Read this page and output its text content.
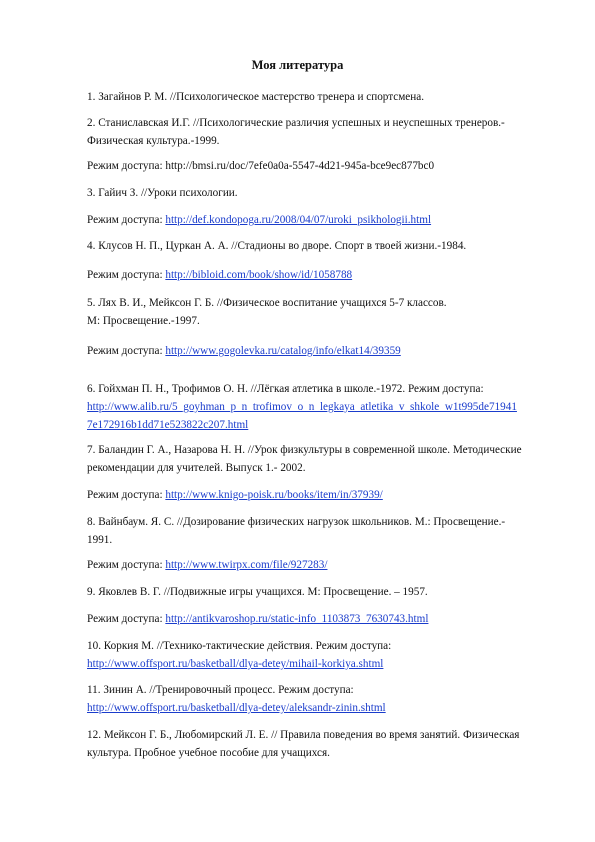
Моя литература
1. Загайнов Р. М. //Психологическое мастерство тренера и спортсмена.
2. Станиславская И.Г. //Психологические различия успешных и неуспешных тренеров.-
Физическая культура.-1999.
Режим доступа: http://bmsi.ru/doc/7efe0a0a-5547-4d21-945a-bce9ec877bc0
3. Гайич З. //Уроки психологии.
Режим доступа: http://def.kondopoga.ru/2008/04/07/uroki_psikhologii.html
4. Клусов Н. П., Цуркан А. А. //Стадионы во дворе. Спорт в твоей жизни.-1984.
Режим доступа: http://bibloid.com/book/show/id/1058788
5. Лях В. И., Мейксон Г. Б. //Физическое воспитание учащихся 5-7 классов.
М: Просвещение.-1997.
Режим доступа: http://www.gogolevka.ru/catalog/info/elkat14/39359
6. Гойхман П. Н., Трофимов О. Н. //Лёгкая атлетика в школе.-1972. Режим доступа:
http://www.alib.ru/5_goyhman_p_n_trofimov_o_n_legkaya_atletika_v_shkole_w1t995de71941
7e172916b1dd71e523822c207.html
7. Баландин Г. А., Назарова Н. Н. //Урок физкультуры в современной школе. Методические
рекомендации для учителей. Выпуск 1.- 2002.
Режим доступа: http://www.knigo-poisk.ru/books/item/in/37939/
8. Вайнбаум. Я. С. //Дозирование физических нагрузок школьников. М.: Просвещение.-
1991.
Режим доступа: http://www.twirpx.com/file/927283/
9. Яковлев В. Г. //Подвижные игры учащихся. М: Просвещение. – 1957.
Режим доступа: http://antikvaroshop.ru/static-info_1103873_7630743.html
10. Коркия М. //Технико-тактические действия. Режим доступа:
http://www.offsport.ru/basketball/dlya-detey/mihail-korkiya.shtml
11. Зинин А. //Тренировочный процесс. Режим доступа:
http://www.offsport.ru/basketball/dlya-detey/aleksandr-zinin.shtml
12. Мейксон Г. Б., Любомирский Л. Е. // Правила поведения во время занятий. Физическая
культура. Пробное учебное пособие для учащихся.
